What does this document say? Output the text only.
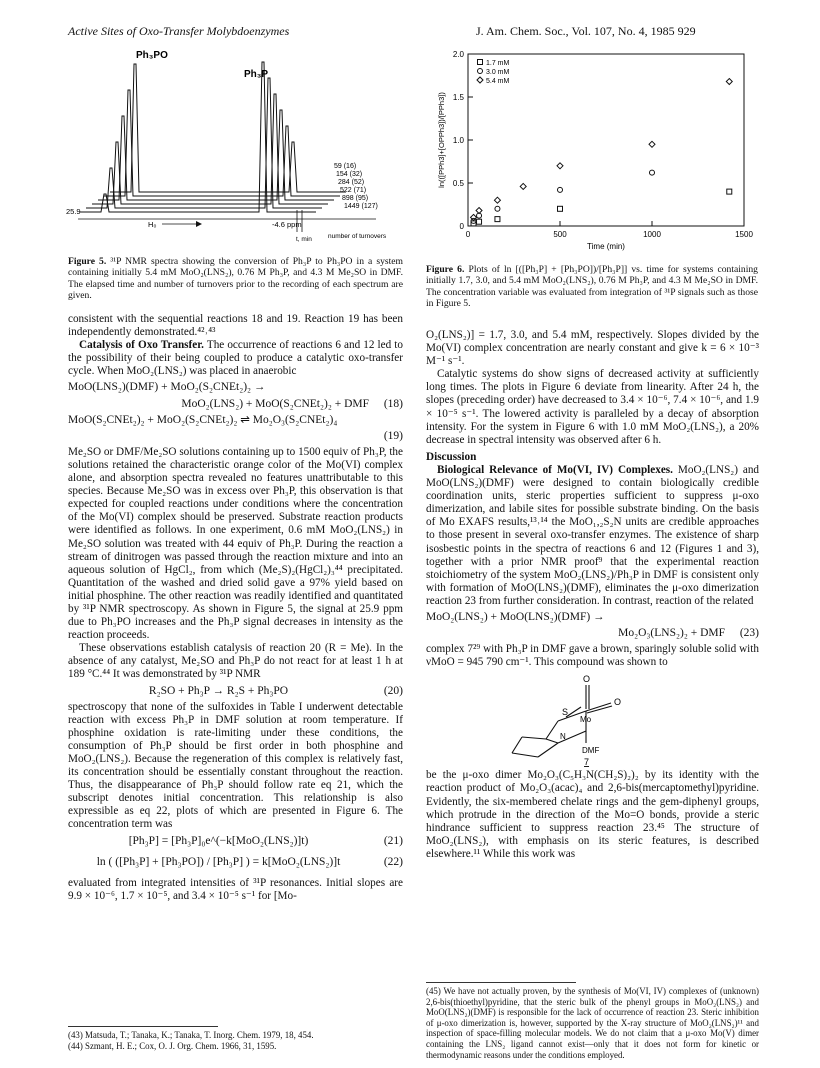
Active Sites of Oxo-Transfer Molybdoenzymes	J. Am. Chem. Soc., Vol. 107, No. 4, 1985 929
Ph₃PO
Ph₃P
1449 (127)
898 (95)
522 (71)
284 (52)
154 (32)
59 (16)
25.9
-4.6 ppm
H₀
t, min number of turnovers
Figure 5. ³¹P NMR spectra showing the conversion of Ph₃P to Ph₃PO in a system containing initially 5.4 mM MoO₂(LNS₂), 0.76 M Ph₃P, and 4.3 M Me₂SO in DMF. The elapsed time and number of turnovers prior to the recording of each spectrum are given.
0
0.5
1.0
1.5
2.0
0	500	1000	1500
Time (min)
ln(([PPh3]+[OPPh3])/[PPh3])
1.7 mM
3.0 mM
5.4 mM
Figure 6. Plots of ln [([Ph₃P] + [Ph₃PO])/[Ph₃P]] vs. time for systems containing initially 1.7, 3.0, and 5.4 mM MoO₂(LNS₂), 0.76 M Ph₃P, and 4.3 M Me₂SO in DMF. The concentration variable was evaluated from integration of ³¹P signals such as those in Figure 5.

consistent with the sequential reactions 18 and 19. Reaction 19 has been independently demonstrated.⁴²˒⁴³

Catalysis of Oxo Transfer. The occurrence of reactions 6 and 12 led to the possibility of their being coupled to produce a catalytic oxo-transfer cycle. When MoO₂(LNS₂) was placed in anaerobic

MoO(LNS₂)(DMF) + MoO₂(S₂CNEt₂)₂ →
MoO₂(LNS₂) + MoO(S₂CNEt₂)₂ + DMF	(18)
MoO(S₂CNEt₂)₂ + MoO₂(S₂CNEt₂)₂ ⇌ Mo₂O₃(S₂CNEt₂)₄
(19)

Me₂SO or DMF/Me₂SO solutions containing up to 1500 equiv of Ph₃P, the solutions retained the characteristic orange color of the Mo(VI) complex alone, and absorption spectra revealed no features unattributable to this species. Because Me₂SO was in excess over Ph₃P, this observation is that expected for coupled reactions under conditions where the concentration of the Mo(VI) complex should be preserved. Substrate reaction products were identified as follows. In one experiment, 0.6 mM MoO₂(LNS₂) in Me₂SO solution was treated with 44 equiv of Ph₃P. During the reaction a stream of dinitrogen was passed through the reaction mixture and into an aqueous solution of HgCl₂, from which (Me₂S)₂(HgCl₂)₃⁴⁴ precipitated. Quantitation of the washed and dried solid gave a 97% yield based on initial phosphine. The other reaction was readily identified and quantitated by ³¹P NMR spectroscopy. As shown in Figure 5, the signal at 25.9 ppm due to Ph₃PO increases and the Ph₃P signal decreases in intensity as the reaction proceeds.

These observations establish catalysis of reaction 20 (R = Me). In the absence of any catalyst, Me₂SO and Ph₃P do not react for at least 1 h at 189 °C.⁴⁴ It was demonstrated by ³¹P NMR

R₂SO + Ph₃P → R₂S + Ph₃PO	(20)

spectroscopy that none of the sulfoxides in Table I underwent detectable reaction with excess Ph₃P in DMF solution at room temperature. If phosphine oxidation is rate-limiting under these conditions, the consumption of Ph₃P should be first order in both phosphine and MoO₂(LNS₂). Because the regeneration of this complex is relatively fast, its concentration should be essentially constant throughout the reaction. Thus, the disappearance of Ph₃P should follow rate eq 21, which the subscript denotes initial concentration. This relationship is also expressible as eq 22, plots of which are presented in Figure 6. The concentration term was

[Ph₃P] = [Ph₃P]₀e^(−k[MoO₂(LNS₂)]t)	(21)
ln ( ([Ph₃P] + [Ph₃PO]) / [Ph₃P] ) = k[MoO₂(LNS₂)]t	(22)

evaluated from integrated intensities of ³¹P resonances. Initial slopes are 9.9 × 10⁻⁶, 1.7 × 10⁻⁵, and 3.4 × 10⁻⁵ s⁻¹ for [Mo-

(43) Matsuda, T.; Tanaka, K.; Tanaka, T. Inorg. Chem. 1979, 18, 454.
(44) Szmant, H. E.; Cox, O. J. Org. Chem. 1966, 31, 1595.

O₂(LNS₂)] = 1.7, 3.0, and 5.4 mM, respectively. Slopes divided by the Mo(VI) complex concentration are nearly constant and give k = 6 × 10⁻³ M⁻¹ s⁻¹.

Catalytic systems do show signs of decreased activity at sufficiently long times. The plots in Figure 6 deviate from linearity. After 24 h, the slopes (preceding order) have decreased to 3.4 × 10⁻⁶, 7.4 × 10⁻⁶, and 1.9 × 10⁻⁵ s⁻¹. The lowered activity is paralleled by a decay of absorption intensity. For the system in Figure 6 with 1.0 mM MoO₂(LNS₂), a 20% decrease in spectral intensity was observed after 6 h.

Discussion

Biological Relevance of Mo(VI, IV) Complexes. MoO₂(LNS₂) and MoO(LNS₂)(DMF) were designed to contain biologically credible coordination units, steric properties sufficient to suppress μ-oxo dimerization, and labile sites for possible substrate binding. On the basis of Mo EXAFS results,¹³˒¹⁴ the MoO₁,₂S₂N units are credible approaches to those present in several oxo-transfer enzymes. The existence of sharp isosbestic points in the spectra of reactions 6 and 12 (Figures 1 and 3), together with a prior NMR proof⁹ that the experimental reaction stoichiometry of the system MoO₂(LNS₂)/Ph₃P in DMF is consistent only with formation of MoO(LNS₂)(DMF), eliminates the μ-oxo dimerization reaction 23 from further consideration. In contrast, reaction of the related

MoO₂(LNS₂) + MoO(LNS₂)(DMF) →
Mo₂O₃(LNS₂)₂ + DMF	(23)

complex 7²⁹ with Ph₃P in DMF gave a brown, sparingly soluble solid with νMoO = 945 790 cm⁻¹. This compound was shown to

O
S
Mo
O
N
DMF
7

be the μ-oxo dimer Mo₂O₃(C₅H₃N(CH₂S)₂)₂ by its identity with the reaction product of Mo₂O₃(acac)₄ and 2,6-bis(mercaptomethyl)pyridine. Evidently, the six-membered chelate rings and the gem-diphenyl groups, which protrude in the direction of the Mo=O bonds, provide a steric hindrance sufficient to suppress reaction 23.⁴⁵ The structure of MoO₂(LNS₂), with emphasis on its steric features, is described elsewhere.¹¹ While this work was

(45) We have not actually proven, by the synthesis of Mo(VI, IV) complexes of (unknown) 2,6-bis(thioethyl)pyridine, that the steric bulk of the phenyl groups in MoO₂(LNS₂) and MoO(LNS₂)(DMF) is responsible for the lack of occurrence of reaction 23. Steric inhibition of μ-oxo dimerization is, however, supported by the X-ray structure of MoO₂(LNS₂)¹¹ and inspection of space-filling molecular models. We do not claim that a μ-oxo Mo(V) dimer containing the LNS₂ ligand cannot exist—only that it does not form for kinetic or thermodynamic reasons under the conditions employed.
